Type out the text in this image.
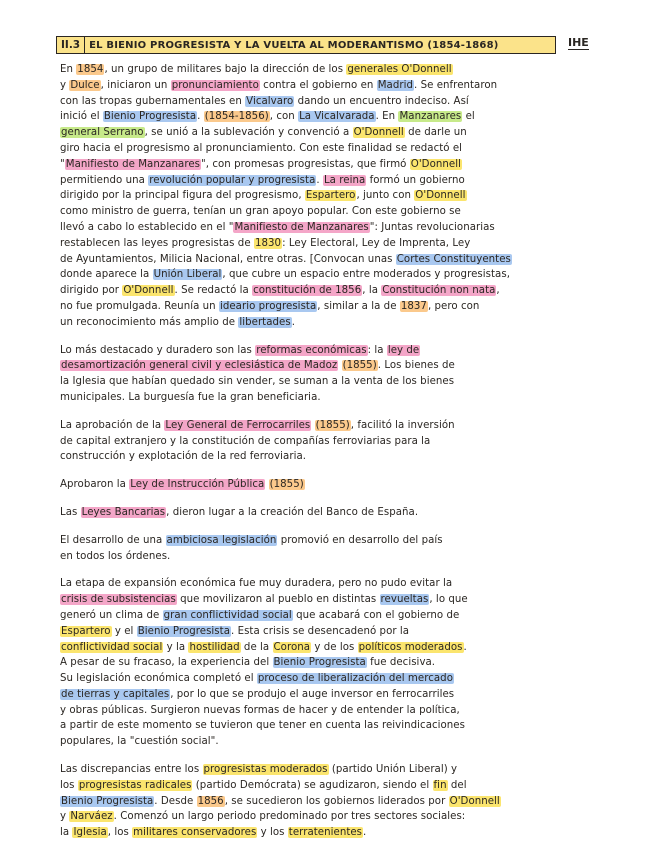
II.3 EL BIENIO PROGRESISTA Y LA VUELTA AL MODERANTISMO (1854-1868)	IHE
En 1854, un grupo de militares bajo la dirección de los generales O'Donnell
y Dulce, iniciaron un pronunciamiento contra el gobierno en Madrid. Se enfrentaron
con las tropas gubernamentales en Vicalvaro dando un encuentro indeciso. Así
inició el Bienio Progresista. (1854-1856), con La Vicalvarada. En Manzanares el
general Serrano, se unió a la sublevación y convenció a O'Donnell de darle un
giro hacia el progresismo al pronunciamiento. Con este finalidad se redactó el
"Manifiesto de Manzanares", con promesas progresistas, que firmó O'Donnell
permitiendo una revolución popular y progresista. La reina formó un gobierno
dirigido por la principal figura del progresismo, Espartero, junto con O'Donnell
como ministro de guerra, tenían un gran apoyo popular. Con este gobierno se
llevó a cabo lo establecido en el "Manifiesto de Manzanares": Juntas revolucionarias
restablecen las leyes progresistas de 1830: Ley Electoral, Ley de Imprenta, Ley
de Ayuntamientos, Milicia Nacional, entre otras. [Convocan unas Cortes Constituyentes
donde aparece la Unión Liberal, que cubre un espacio entre moderados y progresistas,
dirigido por O'Donnell. Se redactó la constitución de 1856, la Constitución non nata,
no fue promulgada. Reunía un ideario progresista, similar a la de 1837, pero con
un reconocimiento más amplio de libertades.
Lo más destacado y duradero son las reformas económicas: la ley de
desamortización general civil y eclesiástica de Madoz (1855). Los bienes de
la Iglesia que habían quedado sin vender, se suman a la venta de los bienes
municipales. La burguesía fue la gran beneficiaria.
La aprobación de la Ley General de Ferrocarriles (1855), facilitó la inversión
de capital extranjero y la constitución de compañías ferroviarias para la
construcción y explotación de la red ferroviaria.
Aprobaron la Ley de Instrucción Pública (1855)
Las Leyes Bancarias, dieron lugar a la creación del Banco de España.
El desarrollo de una ambiciosa legislación promovió en desarrollo del país
en todos los órdenes.
La etapa de expansión económica fue muy duradera, pero no pudo evitar la
crisis de subsistencias que movilizaron al pueblo en distintas revueltas, lo que
generó un clima de gran conflictividad social que acabará con el gobierno de
Espartero y el Bienio Progresista. Esta crisis se desencadenó por la
conflictividad social y la hostilidad de la Corona y de los políticos moderados.
A pesar de su fracaso, la experiencia del Bienio Progresista fue decisiva.
Su legislación económica completó el proceso de liberalización del mercado
de tierras y capitales, por lo que se produjo el auge inversor en ferrocarriles
y obras públicas. Surgieron nuevas formas de hacer y de entender la política,
a partir de este momento se tuvieron que tener en cuenta las reivindicaciones
populares, la "cuestión social".
Las discrepancias entre los progresistas moderados (partido Unión Liberal) y
los progresistas radicales (partido Demócrata) se agudizaron, siendo el fin del
Bienio Progresista. Desde 1856, se sucedieron los gobiernos liderados por O'Donnell
y Narváez. Comenzó un largo periodo predominado por tres sectores sociales:
la Iglesia, los militares conservadores y los terratenientes.
